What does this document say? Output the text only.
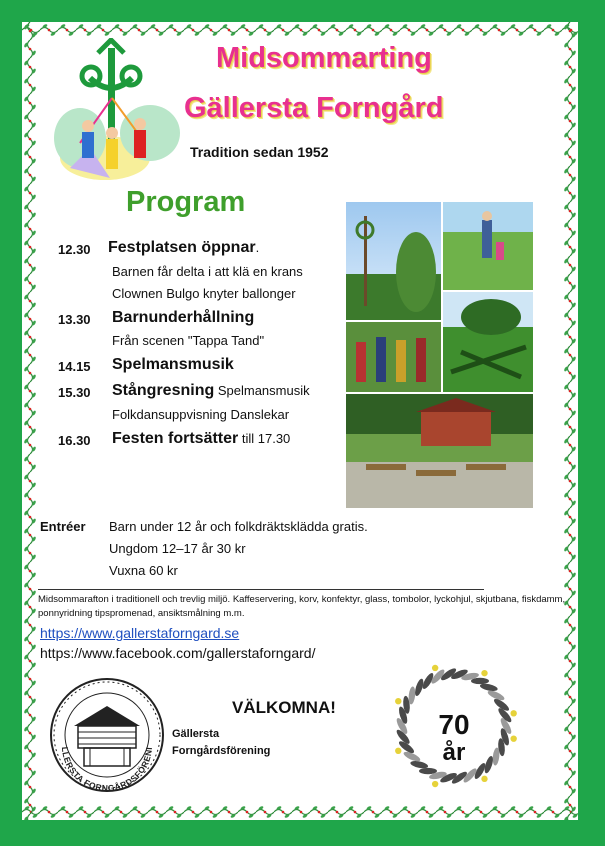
Midsommarting
Gällersta Forngård
Tradition sedan 1952
Program
12.30 Festplatsen öppnar.
Barnen får delta i att klä en krans
Clownen Bulgo knyter ballonger
13.30 Barnunderhållning
Från scenen "Tappa Tand"
14.15 Spelmansmusik
15.30 Stångresning Spelmansmusik
Folkdansuppvisning Danslekar
16.30 Festen fortsätter till 17.30
Entréer Barn under 12 år och folkdräktsklädda gratis.
Ungdom 12–17 år 30 kr
Vuxna 60 kr
Midsommarafton i traditionell och trevlig miljö. Kaffeservering, korv, konfektyr, glass, tombolor, lyckohjul, skjutbana, fiskdamm, ponnyridning tipspromenad, ansiktsmålning m.m.
https://www.gallerstaforngard.se
https://www.facebook.com/gallerstaforngard/
LLERSTA FORNGÅRDSFÖRENI
VÄLKOMNA!
Gällersta
Forngårdsförening
70
år
